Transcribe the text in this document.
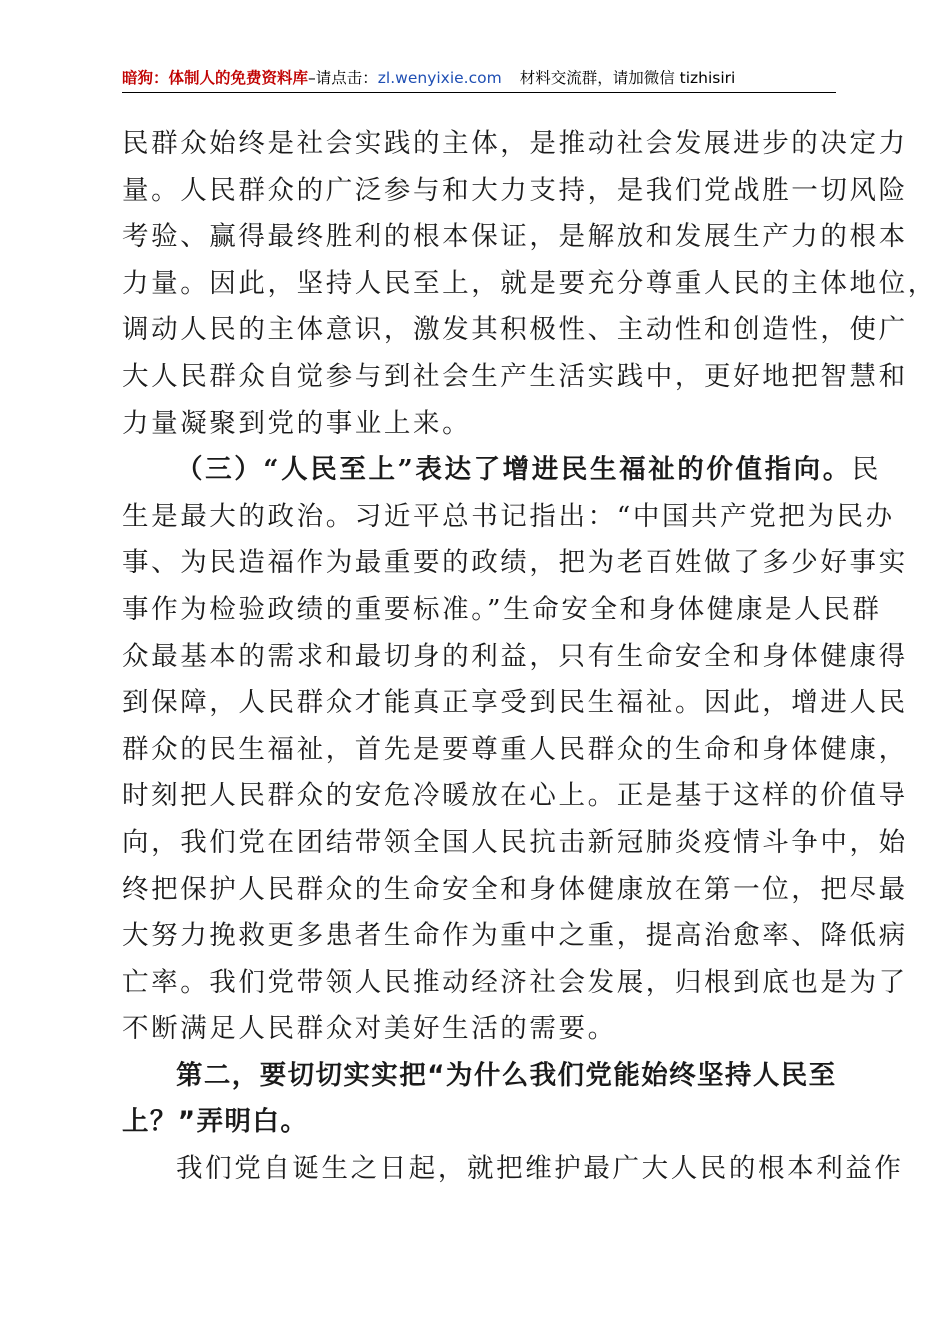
暗狗：体制人的免费资料库–请点击：zl.wenyixie.com 材料交流群，请加微信 tizhisiri
民群众始终是社会实践的主体，是推动社会发展进步的决定力
量。人民群众的广泛参与和大力支持，是我们党战胜一切风险
考验、赢得最终胜利的根本保证，是解放和发展生产力的根本
力量。因此，坚持人民至上，就是要充分尊重人民的主体地位，
调动人民的主体意识，激发其积极性、主动性和创造性，使广
大人民群众自觉参与到社会生产生活实践中，更好地把智慧和
力量凝聚到党的事业上来。
（三）“人民至上”表达了增进民生福祉的价值指向。民
生是最大的政治。习近平总书记指出：“中国共产党把为民办
事、为民造福作为最重要的政绩，把为老百姓做了多少好事实
事作为检验政绩的重要标准。”生命安全和身体健康是人民群
众最基本的需求和最切身的利益，只有生命安全和身体健康得
到保障，人民群众才能真正享受到民生福祉。因此，增进人民
群众的民生福祉，首先是要尊重人民群众的生命和身体健康，
时刻把人民群众的安危冷暖放在心上。正是基于这样的价值导
向，我们党在团结带领全国人民抗击新冠肺炎疫情斗争中，始
终把保护人民群众的生命安全和身体健康放在第一位，把尽最
大努力挽救更多患者生命作为重中之重，提高治愈率、降低病
亡率。我们党带领人民推动经济社会发展，归根到底也是为了
不断满足人民群众对美好生活的需要。
第二，要切切实实把“为什么我们党能始终坚持人民至
上？”弄明白。
我们党自诞生之日起，就把维护最广大人民的根本利益作
